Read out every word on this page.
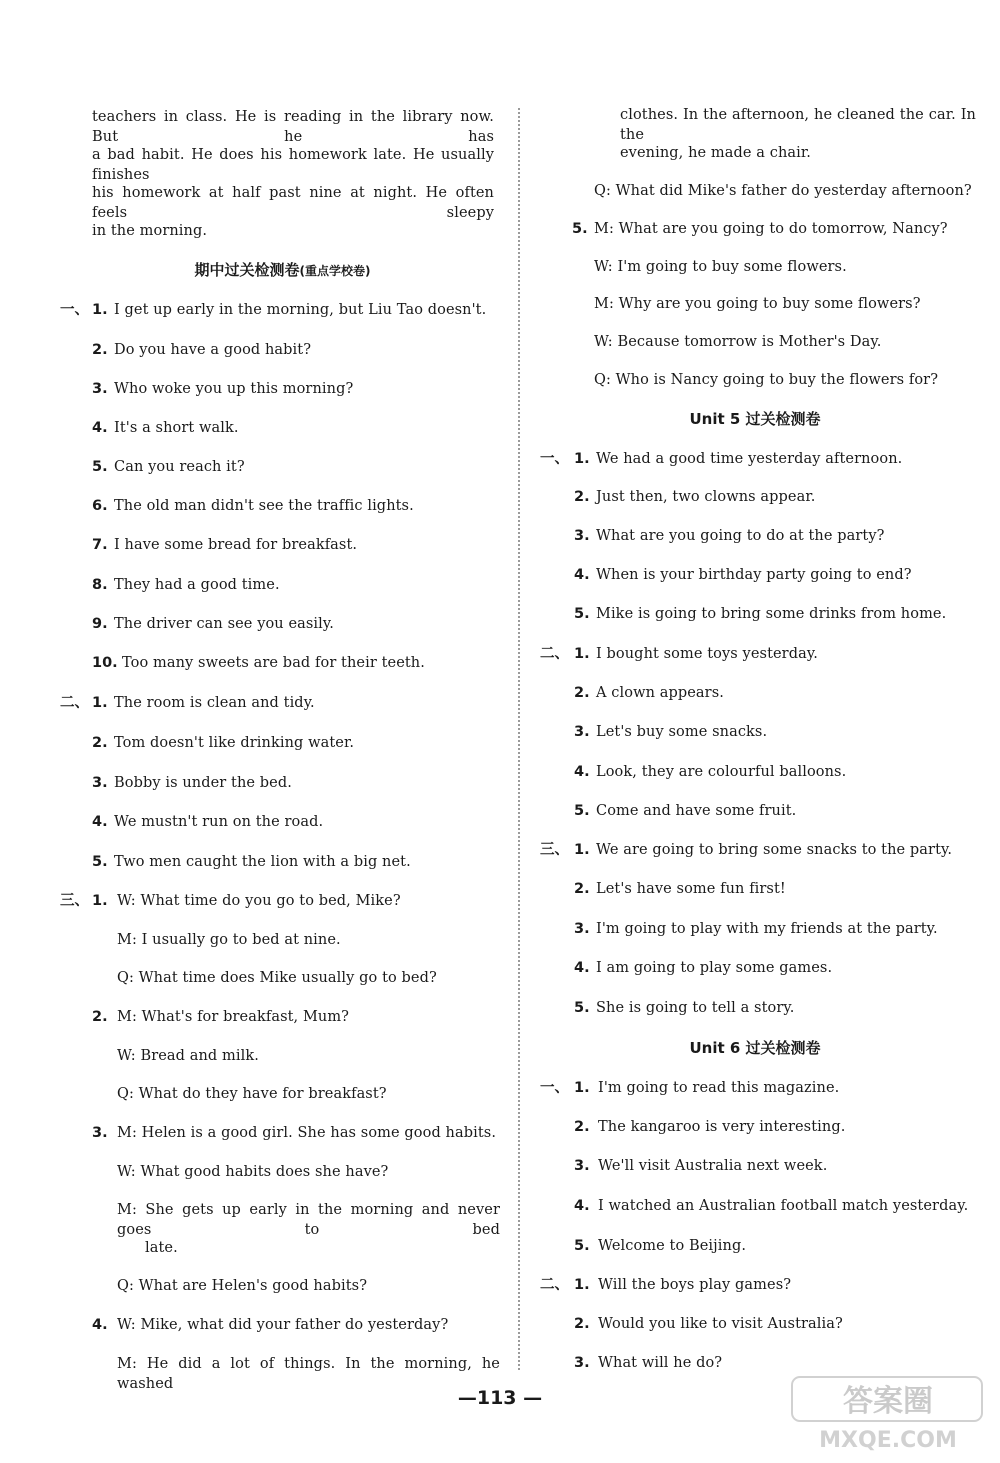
teachers in class. He is reading in the library now. But he has
a bad habit. He does his homework late. He usually finishes
his homework at half past nine at night. He often feels sleepy
in the morning.
期中过关检测卷(重点学校卷)
一、 1. I get up early in the morning, but Liu Tao doesn't.
2. Do you have a good habit?
3. Who woke you up this morning?
4. It's a short walk.
5. Can you reach it?
6. The old man didn't see the traffic lights.
7. I have some bread for breakfast.
8. They had a good time.
9. The driver can see you easily.
10. Too many sweets are bad for their teeth.
二、 1. The room is clean and tidy.
2. Tom doesn't like drinking water.
3. Bobby is under the bed.
4. We mustn't run on the road.
5. Two men caught the lion with a big net.
三、 1. W: What time do you go to bed, Mike?
M: I usually go to bed at nine.
Q: What time does Mike usually go to bed?
2. M: What's for breakfast, Mum?
W: Bread and milk.
Q: What do they have for breakfast?
3. M: Helen is a good girl. She has some good habits.
W: What good habits does she have?
M: She gets up early in the morning and never goes to bed
late.
Q: What are Helen's good habits?
4. W: Mike, what did your father do yesterday?
M: He did a lot of things. In the morning, he washed
clothes. In the afternoon, he cleaned the car. In the
evening, he made a chair.
Q: What did Mike's father do yesterday afternoon?
5. M: What are you going to do tomorrow, Nancy?
W: I'm going to buy some flowers.
M: Why are you going to buy some flowers?
W: Because tomorrow is Mother's Day.
Q: Who is Nancy going to buy the flowers for?
Unit 5 过关检测卷
一、 1. We had a good time yesterday afternoon.
2. Just then, two clowns appear.
3. What are you going to do at the party?
4. When is your birthday party going to end?
5. Mike is going to bring some drinks from home.
二、 1. I bought some toys yesterday.
2. A clown appears.
3. Let's buy some snacks.
4. Look, they are colourful balloons.
5. Come and have some fruit.
三、 1. We are going to bring some snacks to the party.
2. Let's have some fun first!
3. I'm going to play with my friends at the party.
4. I am going to play some games.
5. She is going to tell a story.
Unit 6 过关检测卷
一、 1. I'm going to read this magazine.
2. The kangaroo is very interesting.
3. We'll visit Australia next week.
4. I watched an Australian football match yesterday.
5. Welcome to Beijing.
二、 1. Will the boys play games?
2. Would you like to visit Australia?
3. What will he do?
—113 —	答案圈
MXQE.COM
